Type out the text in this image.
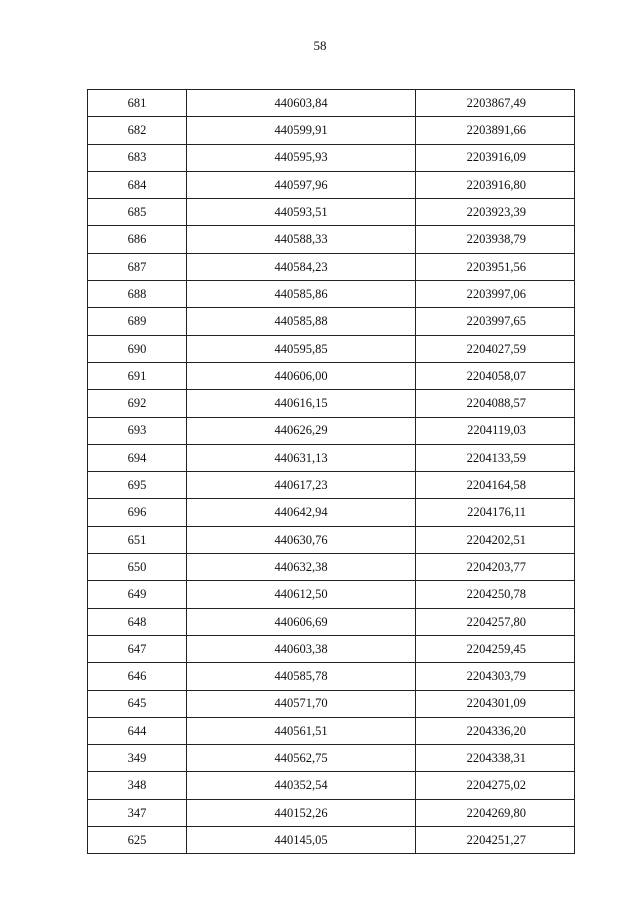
58
681	440603,84	2203867,49
682	440599,91	2203891,66
683	440595,93	2203916,09
684	440597,96	2203916,80
685	440593,51	2203923,39
686	440588,33	2203938,79
687	440584,23	2203951,56
688	440585,86	2203997,06
689	440585,88	2203997,65
690	440595,85	2204027,59
691	440606,00	2204058,07
692	440616,15	2204088,57
693	440626,29	2204119,03
694	440631,13	2204133,59
695	440617,23	2204164,58
696	440642,94	2204176,11
651	440630,76	2204202,51
650	440632,38	2204203,77
649	440612,50	2204250,78
648	440606,69	2204257,80
647	440603,38	2204259,45
646	440585,78	2204303,79
645	440571,70	2204301,09
644	440561,51	2204336,20
349	440562,75	2204338,31
348	440352,54	2204275,02
347	440152,26	2204269,80
625	440145,05	2204251,27
